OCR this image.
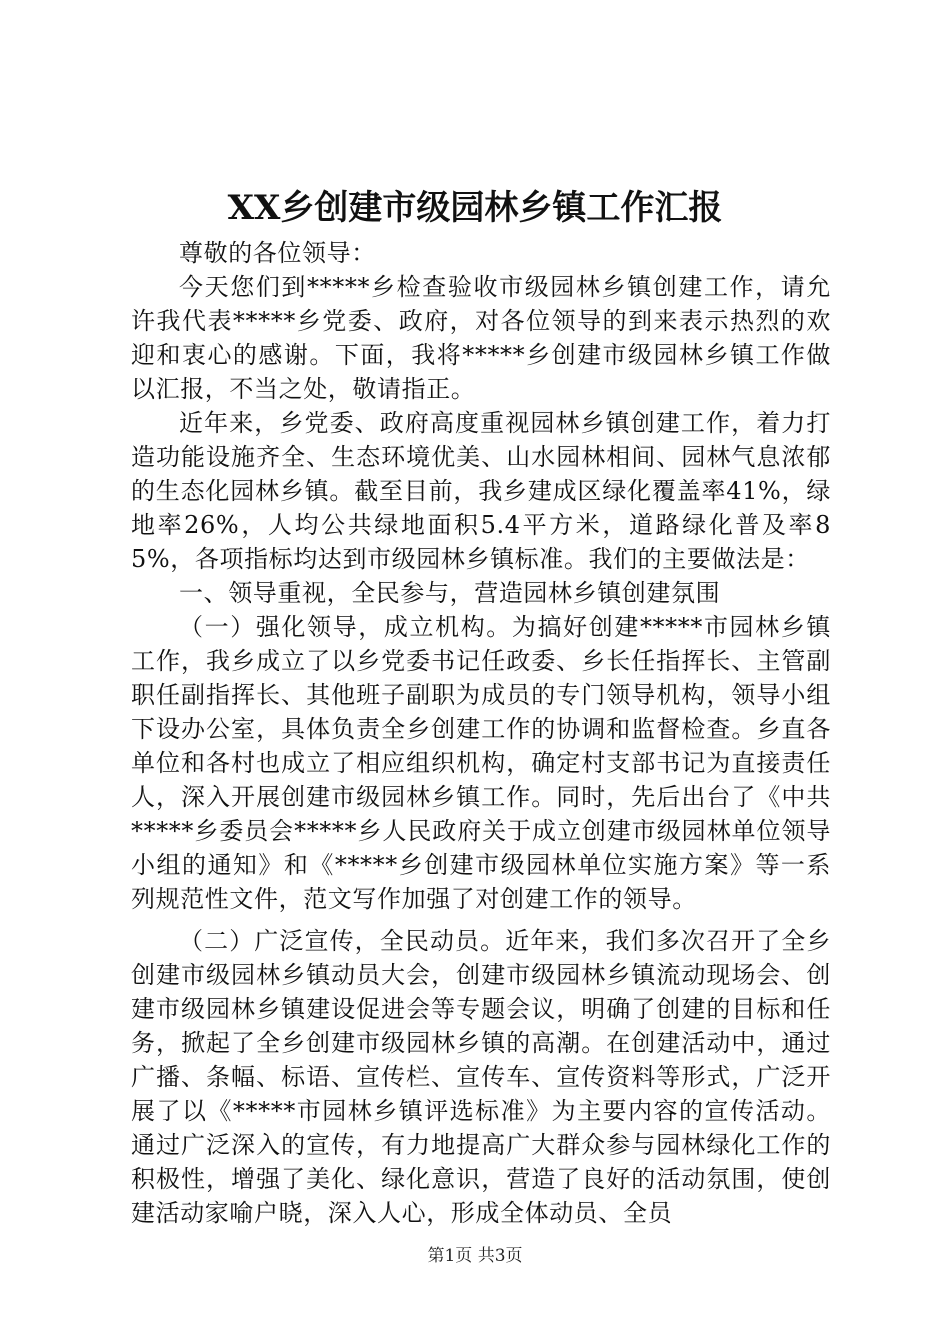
XX乡创建市级园林乡镇工作汇报

尊敬的各位领导：

今天您们到*****乡检查验收市级园林乡镇创建工作，请允许我代表*****乡党委、政府，对各位领导的到来表示热烈的欢迎和衷心的感谢。下面，我将*****乡创建市级园林乡镇工作做以汇报，不当之处，敬请指正。

近年来，乡党委、政府高度重视园林乡镇创建工作，着力打造功能设施齐全、生态环境优美、山水园林相间、园林气息浓郁的生态化园林乡镇。截至目前，我乡建成区绿化覆盖率41%，绿地率26%，人均公共绿地面积5.4平方米，道路绿化普及率85%，各项指标均达到市级园林乡镇标准。我们的主要做法是：

一、领导重视，全民参与，营造园林乡镇创建氛围

（一）强化领导，成立机构。为搞好创建*****市园林乡镇工作，我乡成立了以乡党委书记任政委、乡长任指挥长、主管副职任副指挥长、其他班子副职为成员的专门领导机构，领导小组下设办公室，具体负责全乡创建工作的协调和监督检查。乡直各单位和各村也成立了相应组织机构，确定村支部书记为直接责任人，深入开展创建市级园林乡镇工作。同时，先后出台了《中共*****乡委员会*****乡人民政府关于成立创建市级园林单位领导小组的通知》和《*****乡创建市级园林单位实施方案》等一系列规范性文件，范文写作加强了对创建工作的领导。

（二）广泛宣传，全民动员。近年来，我们多次召开了全乡创建市级园林乡镇动员大会，创建市级园林乡镇流动现场会、创建市级园林乡镇建设促进会等专题会议，明确了创建的目标和任务，掀起了全乡创建市级园林乡镇的高潮。在创建活动中，通过广播、条幅、标语、宣传栏、宣传车、宣传资料等形式，广泛开展了以《*****市园林乡镇评选标准》为主要内容的宣传活动。通过广泛深入的宣传，有力地提高广大群众参与园林绿化工作的积极性，增强了美化、绿化意识，营造了良好的活动氛围，使创建活动家喻户晓，深入人心，形成全体动员、全员

第1页 共3页
